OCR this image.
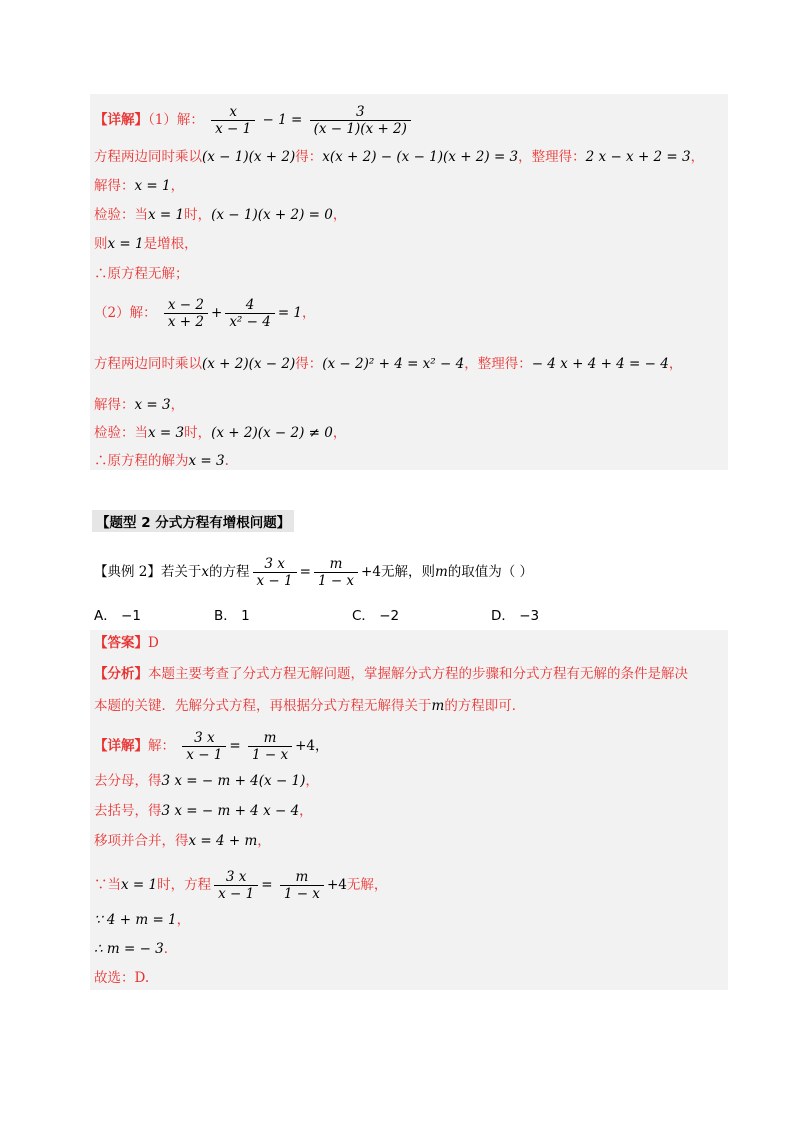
【详解】（1）解： $\frac{x}{x - 1} - 1 = \frac{3}{(x - 1)(x + 2)}$
方程两边同时乘以(x − 1)(x + 2)得：x(x + 2) − (x − 1)(x + 2) = 3，整理得：2 x − x + 2 = 3，
解得：x = 1，
检验：当x = 1时，(x − 1)(x + 2) = 0，
则x = 1是增根，
∴原方程无解；
（2）解： $\frac{x - 2}{x + 2} + \frac{4}{\text{x² − 4}} = 1$，
方程两边同时乘以(x + 2)(x − 2)得：(x − 2)² + 4 = x² − 4，整理得：− 4 x + 4 + 4 = − 4，
解得：x = 3，
检验：当x = 3时，(x + 2)(x − 2) ≠ 0，
∴原方程的解为x = 3.
【题型 2 分式方程有增根问题】
【典例 2】若关于x的方程 $\frac{3 x}{x - 1} = \frac{m}{1 - x} +4$无解，则m的取值为（ ）
A． −1	B． 1	C． −2	D． −3
【答案】D
【分析】本题主要考查了分式方程无解问题，掌握解分式方程的步骤和分式方程有无解的条件是解决
本题的关键．先解分式方程，再根据分式方程无解得关于m的方程即可．
【详解】解： $\frac{3 x}{x - 1} = \frac{m}{1 - x} +4$，
去分母，得3 x = − m + 4(x − 1)，
去括号，得3 x = − m + 4 x − 4，
移项并合并，得x = 4 + m，
∵当x = 1时，方程 $\frac{3 x}{x - 1} = \frac{m}{1 - x} +4$无解，
∵ 4 + m = 1，
∴ m = − 3．
故选：D.
